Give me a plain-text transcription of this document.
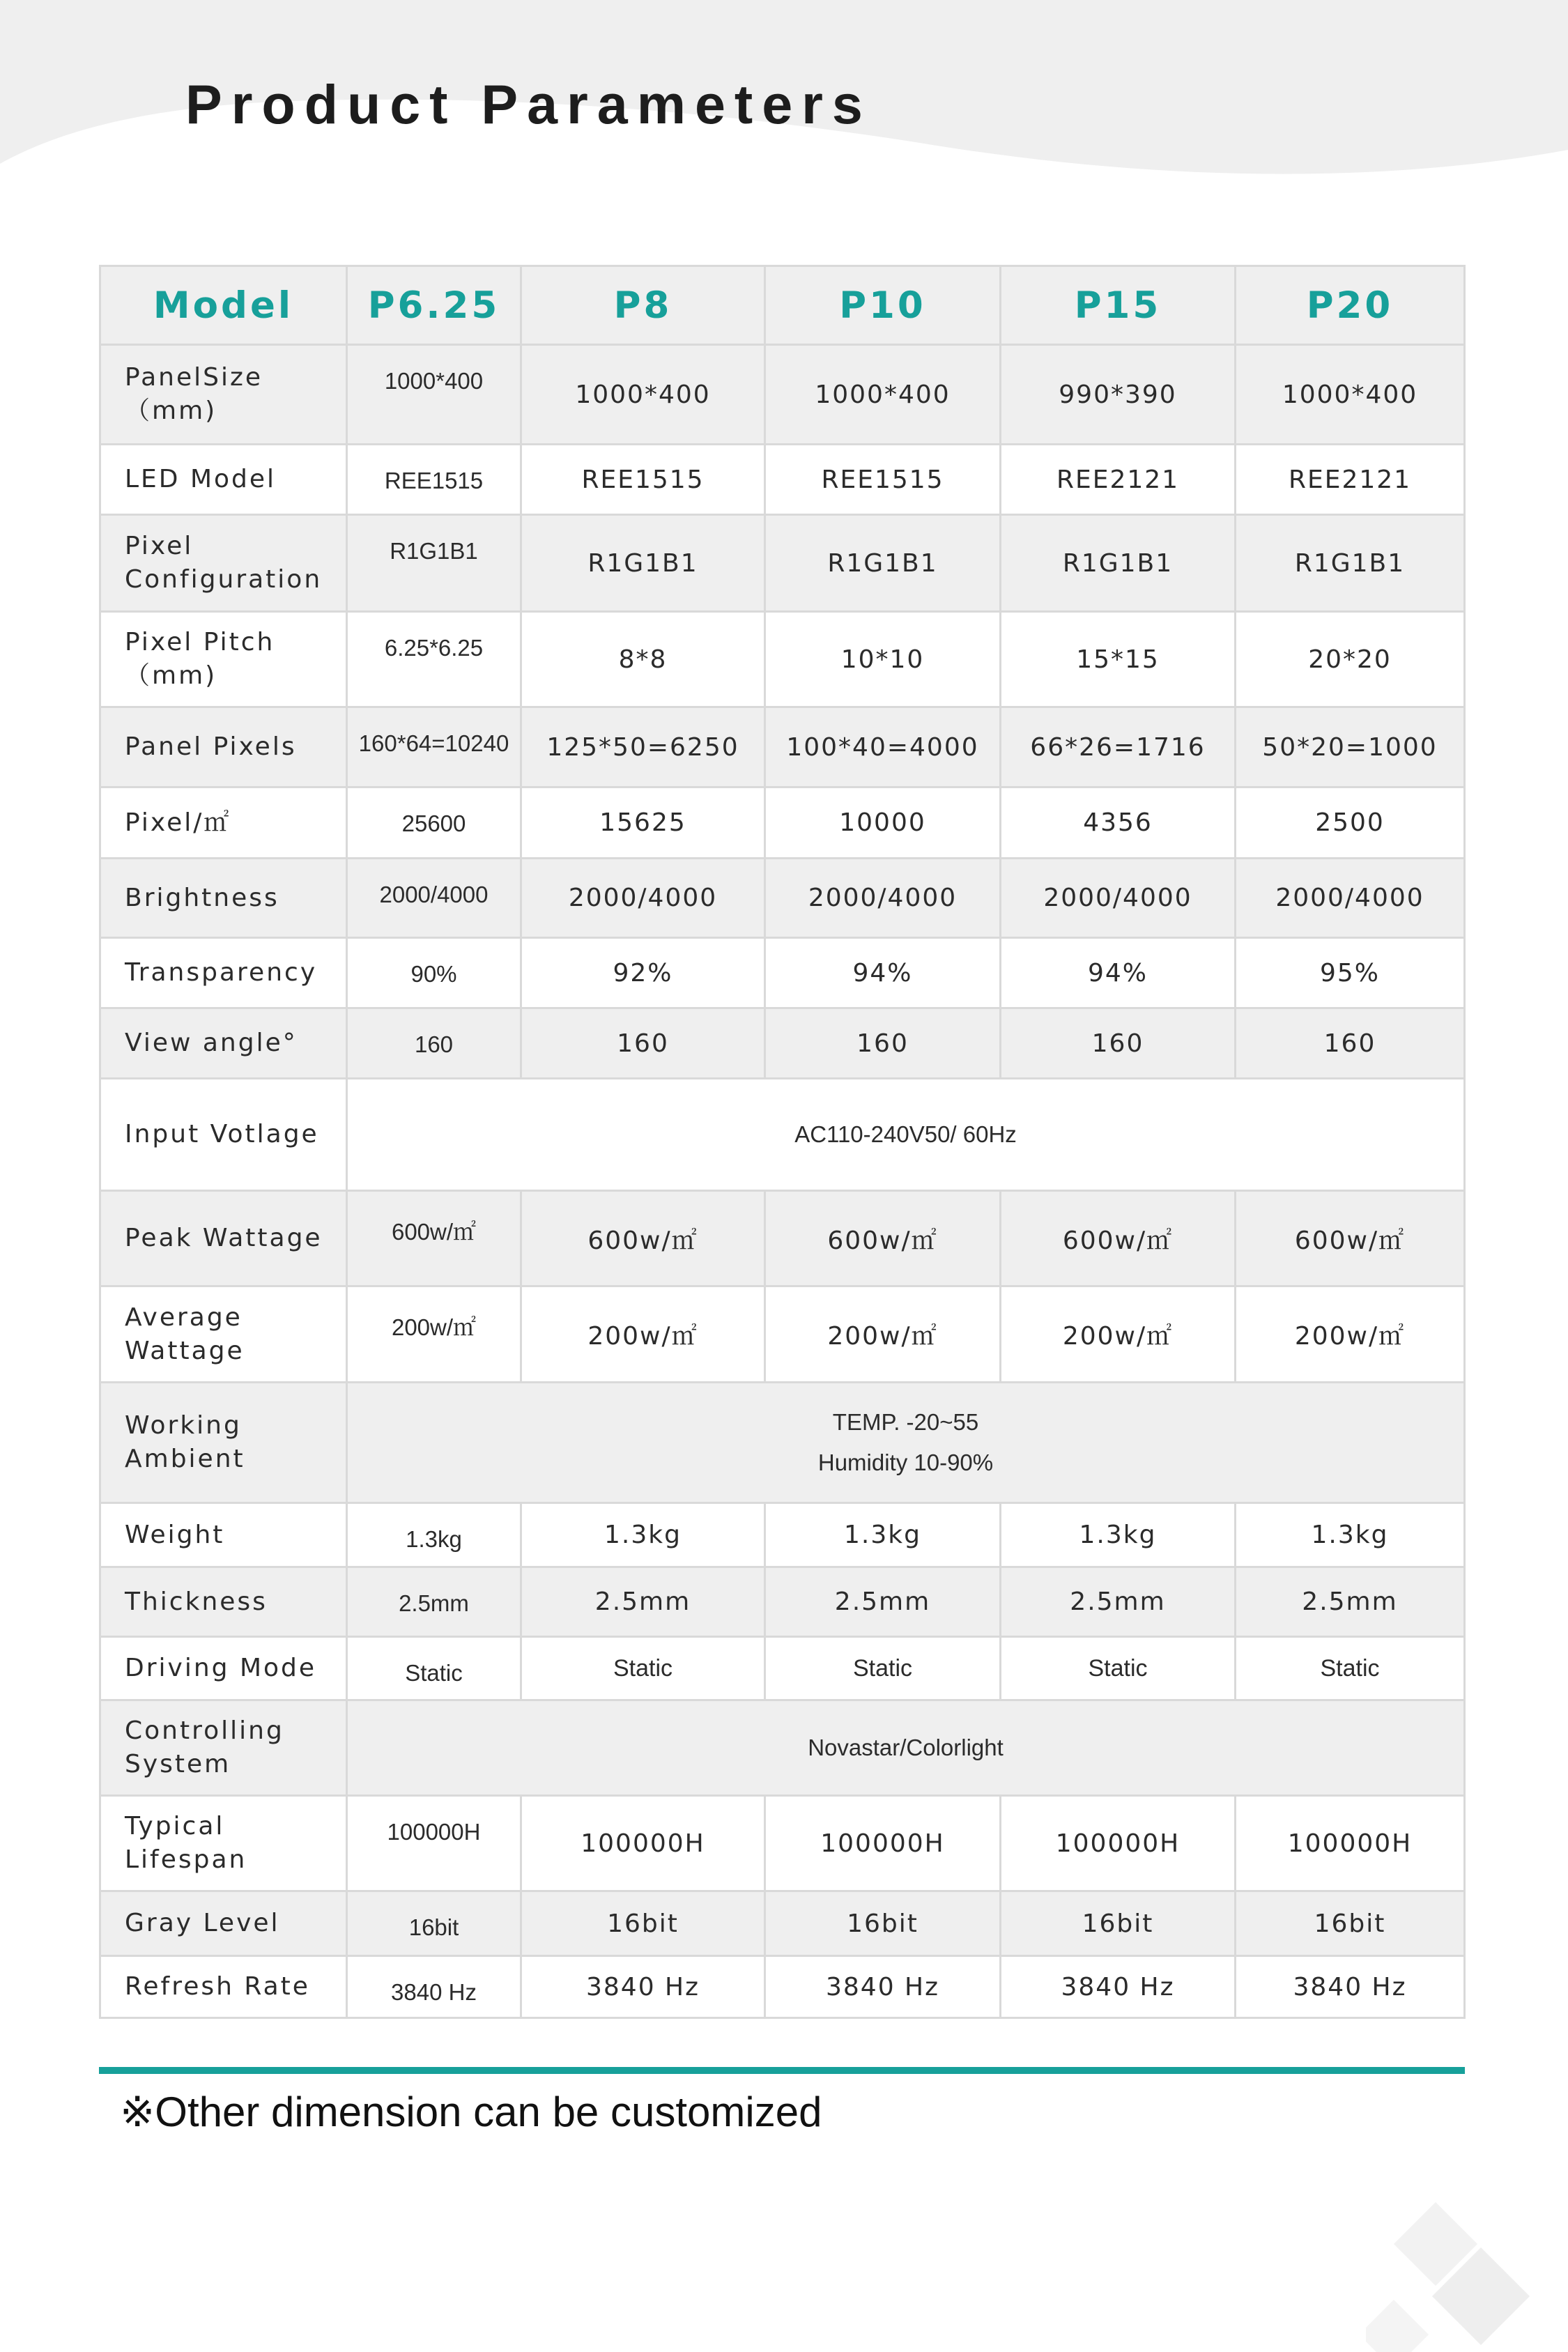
Product Parameters
Model	P6.25	P8	P10	P15	P20
PanelSize（mm)	1000*400	1000*400	1000*400	990*390	1000*400
LED Model	REE1515	REE1515	REE1515	REE2121	REE2121
Pixel Configuration	R1G1B1	R1G1B1	R1G1B1	R1G1B1	R1G1B1
Pixel Pitch （mm)	6.25*6.25	8*8	10*10	15*15	20*20
Panel Pixels	160*64=10240	125*50=6250	100*40=4000	66*26=1716	50*20=1000
Pixel/㎡	25600	15625	10000	4356	2500
Brightness	2000/4000	2000/4000	2000/4000	2000/4000	2000/4000
Transparency	90%	92%	94%	94%	95%
View angle°	160	160	160	160	160
Input Votlage	AC110-240V50/ 60Hz				
Peak Wattage	600w/㎡	600w/㎡	600w/㎡	600w/㎡	600w/㎡
Average Wattage	200w/㎡	200w/㎡	200w/㎡	200w/㎡	200w/㎡
Working Ambient	TEMP. -20~55
Humidity 10-90%				

Weight	1.3kg	1.3kg	1.3kg	1.3kg	1.3kg
Thickness	2.5mm	2.5mm	2.5mm	2.5mm	2.5mm
Driving Mode	Static	Static	Static	Static	Static
Controlling System	Novastar/Colorlight				
Typical Lifespan	100000H	100000H	100000H	100000H	100000H
Gray Level	16bit	16bit	16bit	16bit	16bit
Refresh Rate	3840 Hz	3840 Hz	3840 Hz	3840 Hz	3840 Hz

※Other dimension can be customized
